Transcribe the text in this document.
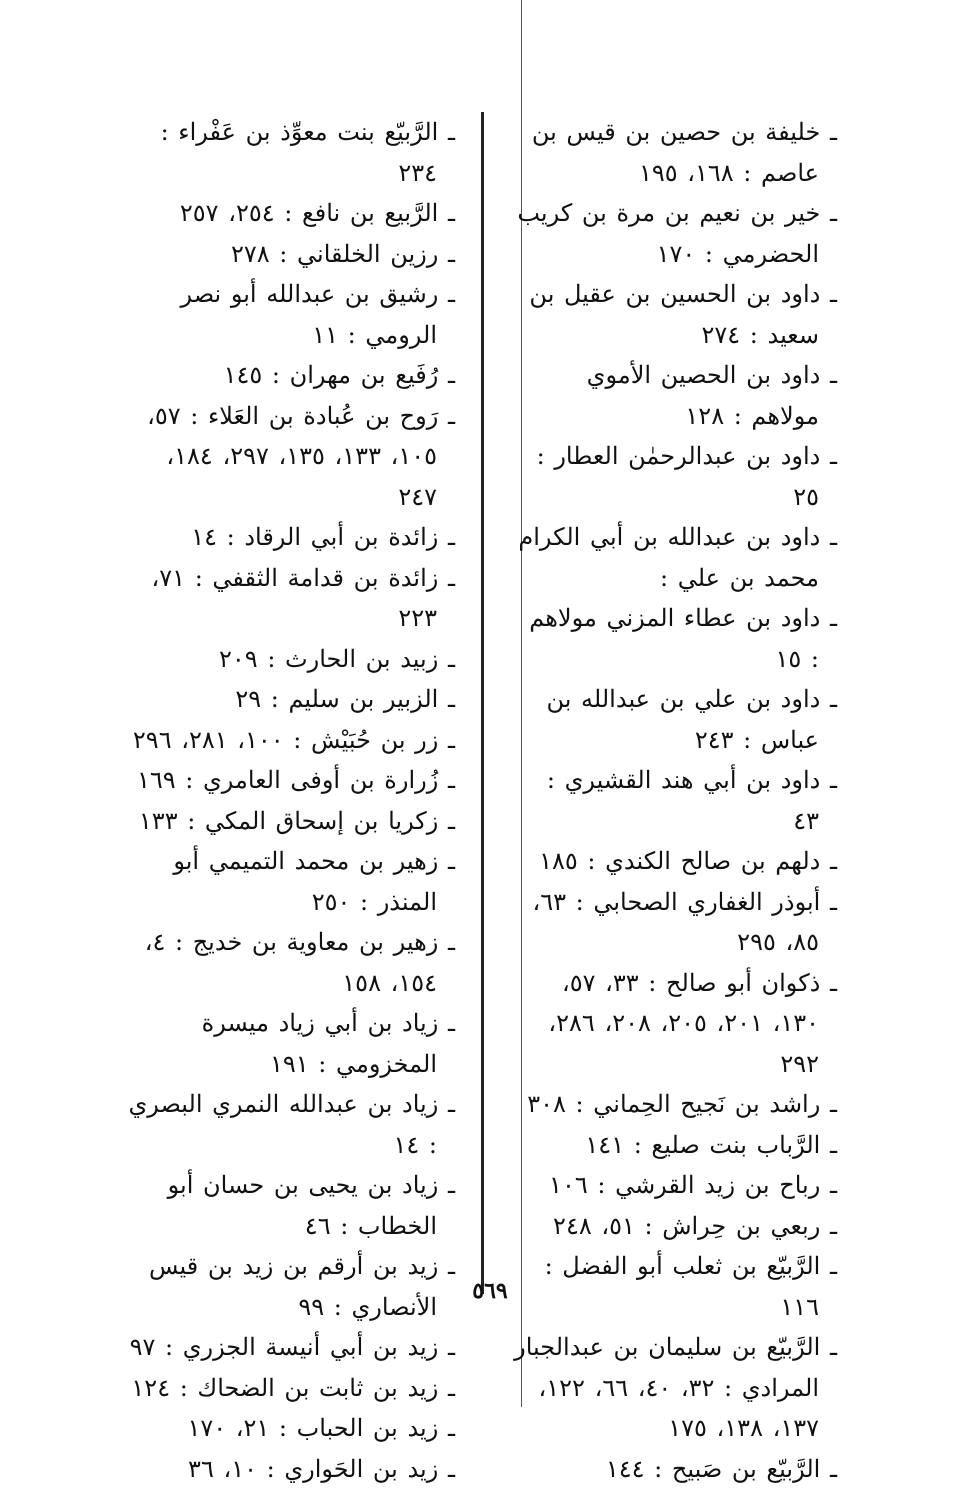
ـ خليفة بن حصين بن قيس بن عاصم : ١٦٨، ١٩٥
ـ خير بن نعيم بن مرة بن كريب الحضرمي : ١٧٠
ـ داود بن الحسين بن عقيل بن سعيد : ٢٧٤
ـ داود بن الحصين الأموي مولاهم : ١٢٨
ـ داود بن عبدالرحمٰن العطار : ٢٥
ـ داود بن عبدالله بن أبي الكرام محمد بن علي :
ـ داود بن عطاء المزني مولاهم : ١٥
ـ داود بن علي بن عبدالله بن عباس : ٢٤٣
ـ داود بن أبي هند القشيري : ٤٣
ـ دلهم بن صالح الكندي : ١٨٥
ـ أبوذر الغفاري الصحابي : ٦٣، ٨٥، ٢٩٥
ـ ذكوان أبو صالح : ٣٣، ٥٧، ١٣٠، ٢٠١، ٢٠٥، ٢٠٨، ٢٨٦، ٢٩٢
ـ راشد بن نَجيح الحِماني : ٣٠٨
ـ الرَّباب بنت صليع : ١٤١
ـ رباح بن زيد القرشي : ١٠٦
ـ ربعي بن حِراش : ٥١، ٢٤٨
ـ الرَّبيّع بن ثعلب أبو الفضل : ١١٦
ـ الرَّبيّع بن سليمان بن عبدالجبار المرادي : ٣٢، ٤٠، ٦٦، ١٢٢، ١٣٧، ١٣٨، ١٧٥
ـ الرَّبيّع بن صَبيح : ١٤٤
ـ الرَّبيّع بنت معوِّذ بن عَفْراء : ٢٣٤
ـ الرَّبيع بن نافع : ٢٥٤، ٢٥٧
ـ رزين الخلقاني : ٢٧٨
ـ رشيق بن عبدالله أبو نصر الرومي : ١١
ـ رُفَيع بن مهران : ١٤٥
ـ رَوح بن عُبادة بن العَلاء : ٥٧، ١٠٥، ١٣٣، ١٣٥، ٢٩٧، ١٨٤، ٢٤٧
ـ زائدة بن أبي الرقاد : ١٤
ـ زائدة بن قدامة الثقفي : ٧١، ٢٢٣
ـ زبيد بن الحارث : ٢٠٩
ـ الزبير بن سليم : ٢٩
ـ زر بن حُبَيْش : ١٠٠، ٢٨١، ٢٩٦
ـ زُرارة بن أوفى العامري : ١٦٩
ـ زكريا بن إسحاق المكي : ١٣٣
ـ زهير بن محمد التميمي أبو المنذر : ٢٥٠
ـ زهير بن معاوية بن خديج : ٤، ١٥٤، ١٥٨
ـ زياد بن أبي زياد ميسرة المخزومي : ١٩١
ـ زياد بن عبدالله النمري البصري : ١٤
ـ زياد بن يحيى بن حسان أبو الخطاب : ٤٦
ـ زيد بن أرقم بن زيد بن قيس الأنصاري : ٩٩
ـ زيد بن أبي أنيسة الجزري : ٩٧
ـ زيد بن ثابت بن الضحاك : ١٢٤
ـ زيد بن الحباب : ٢١، ١٧٠
ـ زيد بن الحَواري : ١٠، ٣٦
٥٦٩
